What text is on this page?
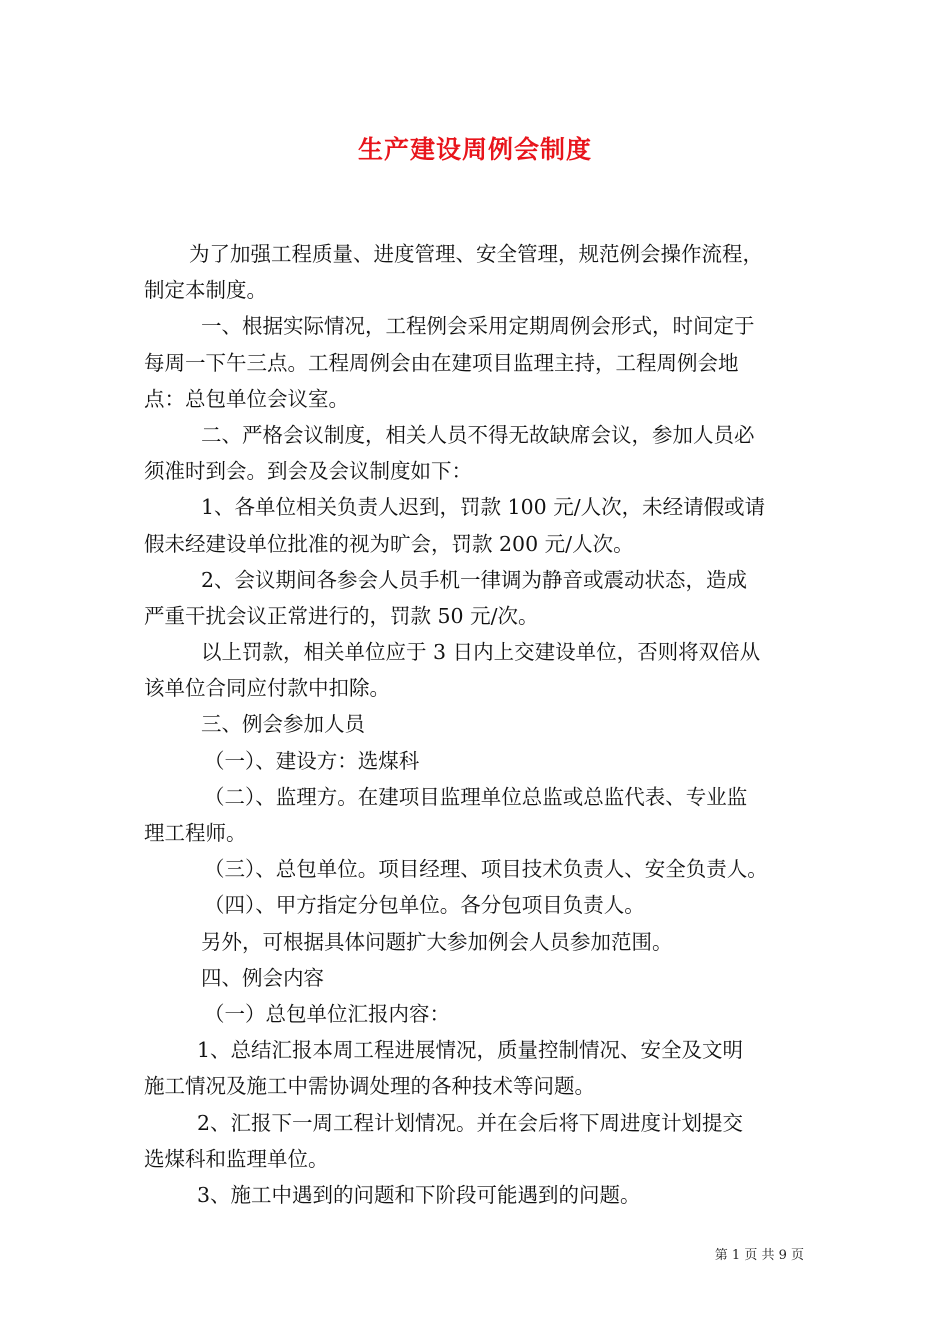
生产建设周例会制度
为了加强工程质量、进度管理、安全管理，规范例会操作流程，
制定本制度。
一、根据实际情况，工程例会采用定期周例会形式，时间定于
每周一下午三点。工程周例会由在建项目监理主持，工程周例会地
点：总包单位会议室。
二、严格会议制度，相关人员不得无故缺席会议，参加人员必
须准时到会。到会及会议制度如下：
1、各单位相关负责人迟到，罚款 100 元/人次，未经请假或请
假未经建设单位批准的视为旷会，罚款 200 元/人次。
2、会议期间各参会人员手机一律调为静音或震动状态，造成
严重干扰会议正常进行的，罚款 50 元/次。
以上罚款，相关单位应于 3 日内上交建设单位，否则将双倍从
该单位合同应付款中扣除。
三、例会参加人员
（一）、建设方：选煤科
（二）、监理方。在建项目监理单位总监或总监代表、专业监
理工程师。
（三）、总包单位。项目经理、项目技术负责人、安全负责人。
（四）、甲方指定分包单位。各分包项目负责人。
另外，可根据具体问题扩大参加例会人员参加范围。
四、例会内容
（一）总包单位汇报内容：
1、总结汇报本周工程进展情况，质量控制情况、安全及文明
施工情况及施工中需协调处理的各种技术等问题。
2、汇报下一周工程计划情况。并在会后将下周进度计划提交
选煤科和监理单位。
3、施工中遇到的问题和下阶段可能遇到的问题。
第 1 页 共 9 页
